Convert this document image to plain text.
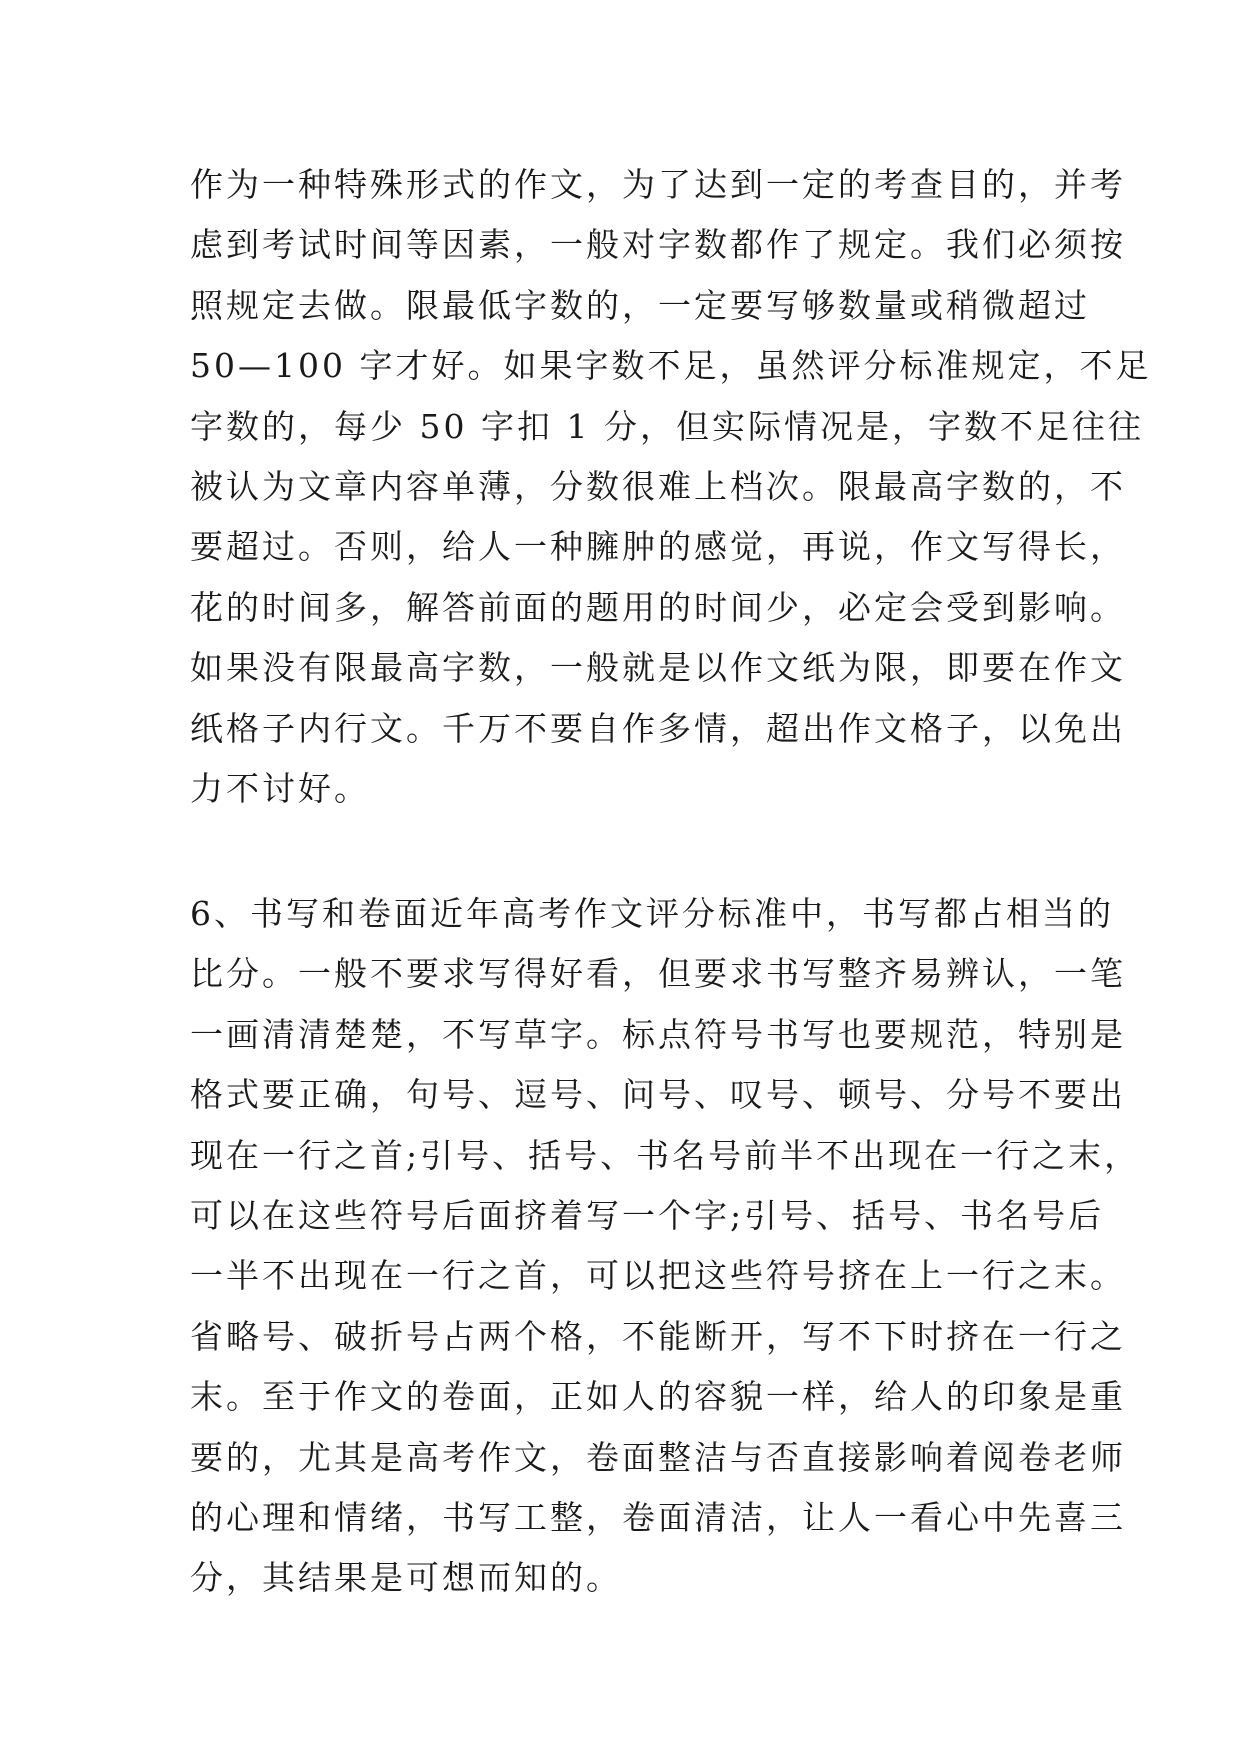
作为一种特殊形式的作文，为了达到一定的考查目的，并考
虑到考试时间等因素，一般对字数都作了规定。我们必须按
照规定去做。限最低字数的，一定要写够数量或稍微超过
50—100 字才好。如果字数不足，虽然评分标准规定，不足
字数的，每少 50 字扣 1 分，但实际情况是，字数不足往往
被认为文章内容单薄，分数很难上档次。限最高字数的，不
要超过。否则，给人一种臃肿的感觉，再说，作文写得长，
花的时间多，解答前面的题用的时间少，必定会受到影响。
如果没有限最高字数，一般就是以作文纸为限，即要在作文
纸格子内行文。千万不要自作多情，超出作文格子，以免出
力不讨好。
6、书写和卷面近年高考作文评分标准中，书写都占相当的
比分。一般不要求写得好看，但要求书写整齐易辨认，一笔
一画清清楚楚，不写草字。标点符号书写也要规范，特别是
格式要正确，句号、逗号、问号、叹号、顿号、分号不要出
现在一行之首;引号、括号、书名号前半不出现在一行之末，
可以在这些符号后面挤着写一个字;引号、括号、书名号后
一半不出现在一行之首，可以把这些符号挤在上一行之末。
省略号、破折号占两个格，不能断开，写不下时挤在一行之
末。至于作文的卷面，正如人的容貌一样，给人的印象是重
要的，尤其是高考作文，卷面整洁与否直接影响着阅卷老师
的心理和情绪，书写工整，卷面清洁，让人一看心中先喜三
分，其结果是可想而知的。
